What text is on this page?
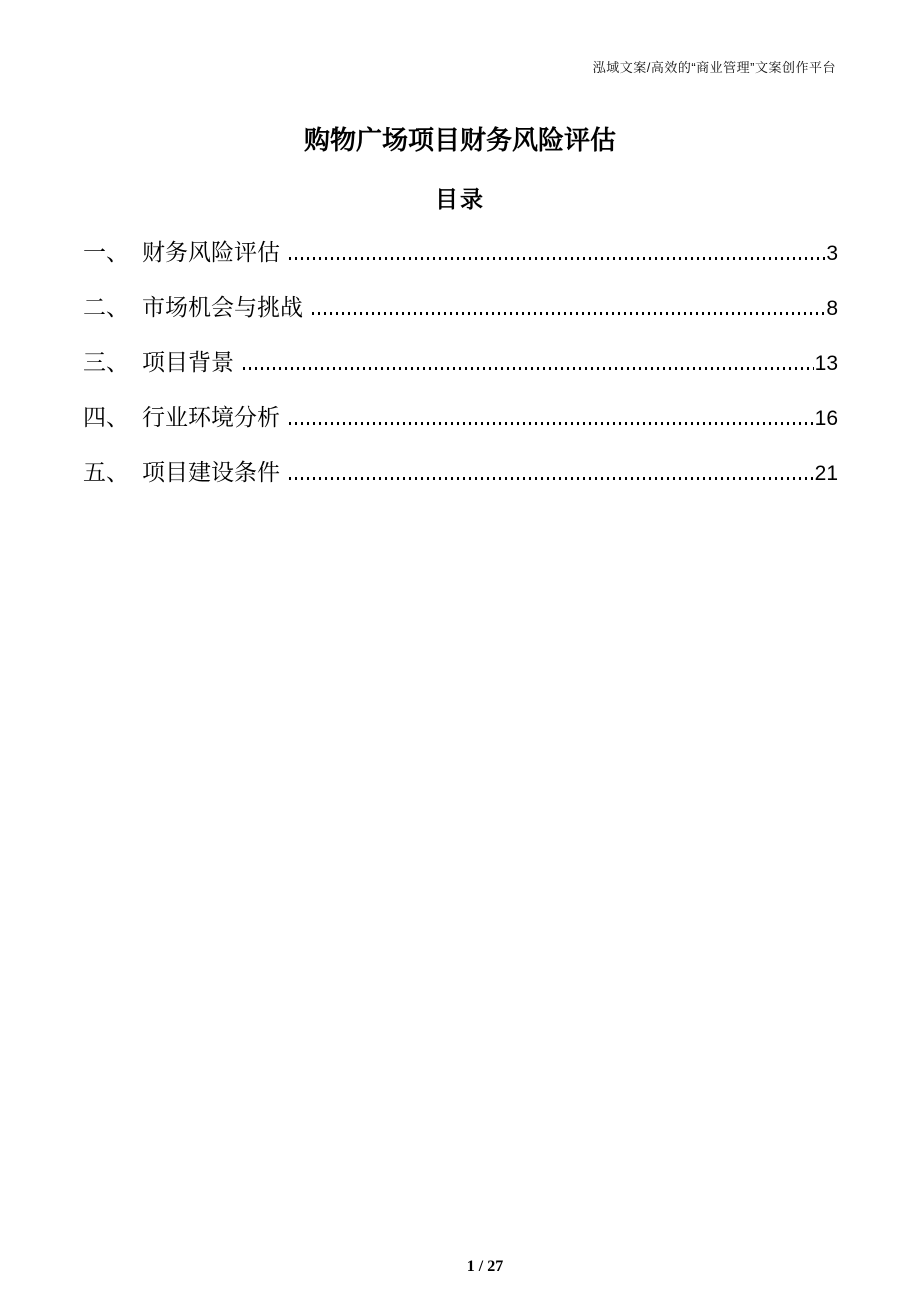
泓域文案/高效的“商业管理”文案创作平台
购物广场项目财务风险评估
目录
一、 财务风险评估	3
二、 市场机会与挑战	8
三、 项目背景	13
四、 行业环境分析	16
五、 项目建设条件	21
1 / 27
